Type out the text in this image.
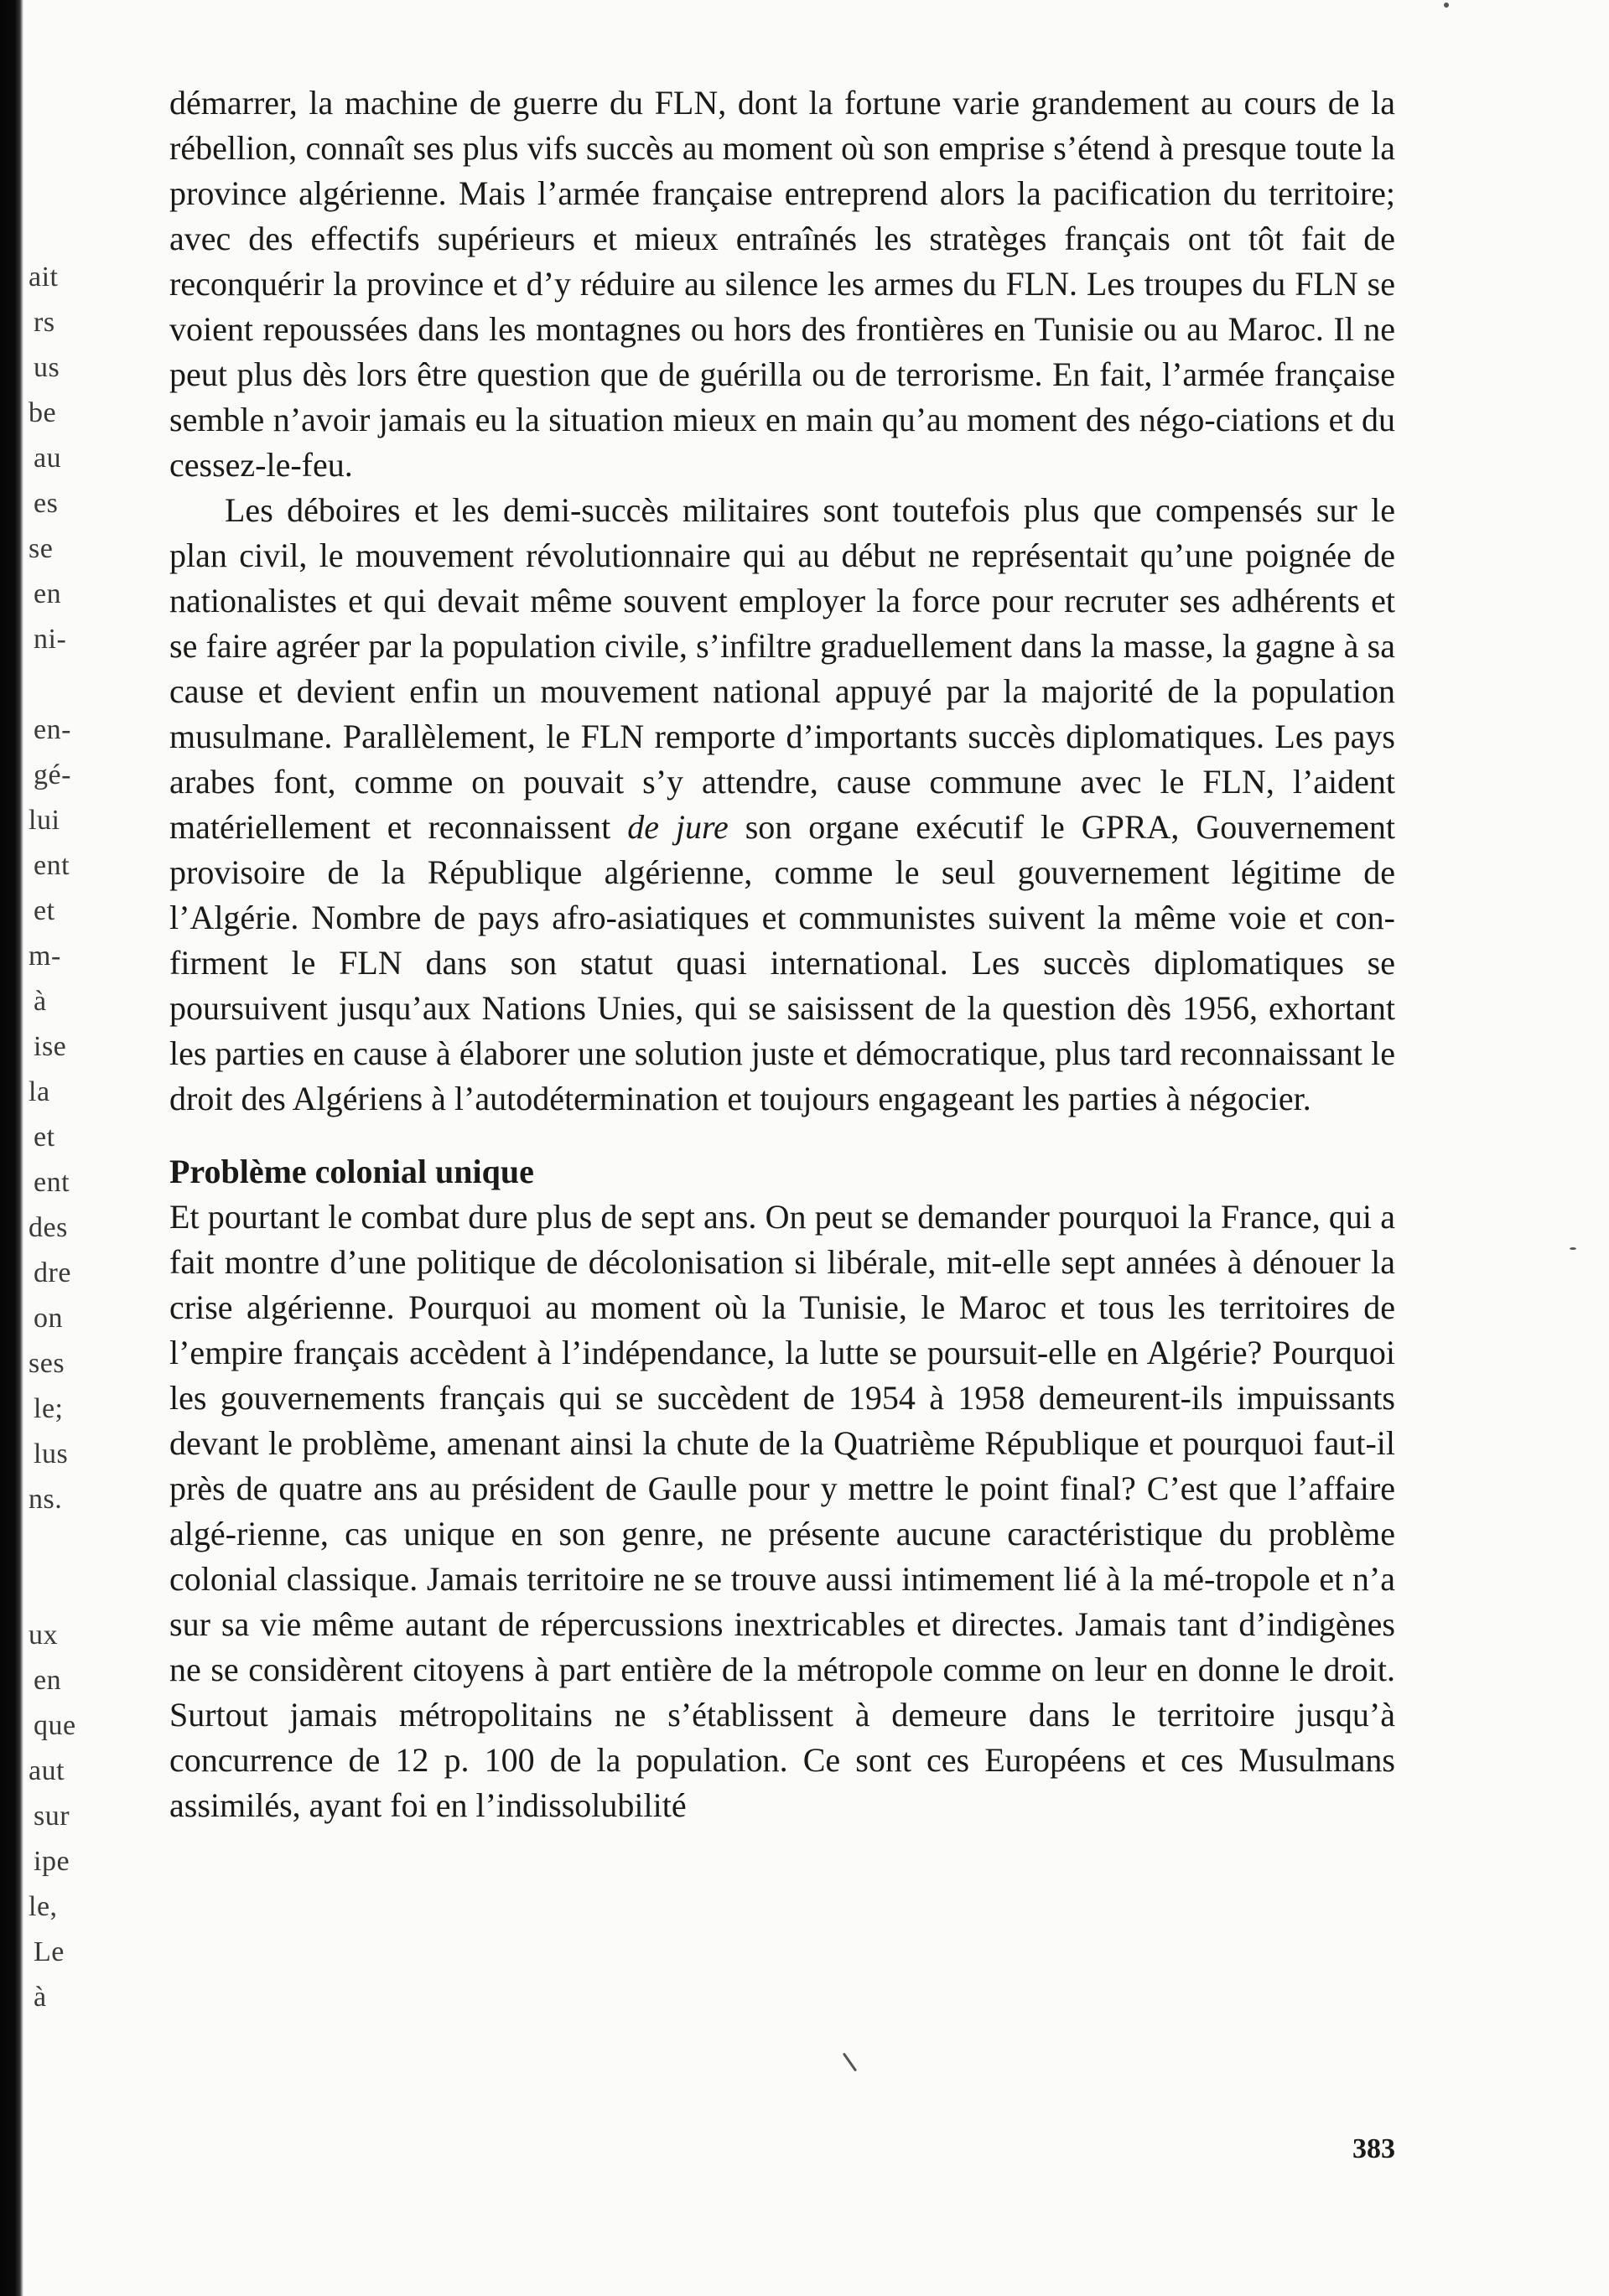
ait
rs
us
be
au
es
se
en
ni-
en-
gé-
lui
ent
et
m-
à
ise
la
et
ent
des
dre
on
ses
le;
lus
ns.
ux
en
que
aut
sur
ipe
le,
Le
à

démarrer, la machine de guerre du FLN, dont la fortune varie grandement au cours de la rébellion, connaît ses plus vifs succès au moment où son emprise s’étend à presque toute la province algérienne. Mais l’armée française entreprend alors la pacification du territoire; avec des effectifs supérieurs et mieux entraînés les stratèges français ont tôt fait de reconquérir la province et d’y réduire au silence les armes du FLN. Les troupes du FLN se voient repoussées dans les montagnes ou hors des frontières en Tunisie ou au Maroc. Il ne peut plus dès lors être question que de guérilla ou de terrorisme. En fait, l’armée française semble n’avoir jamais eu la situation mieux en main qu’au moment des négo-ciations et du cessez-le-feu.

Les déboires et les demi-succès militaires sont toutefois plus que compensés sur le plan civil, le mouvement révolutionnaire qui au début ne représentait qu’une poignée de nationalistes et qui devait même souvent employer la force pour recruter ses adhérents et se faire agréer par la population civile, s’infiltre graduellement dans la masse, la gagne à sa cause et devient enfin un mouvement national appuyé par la majorité de la population musulmane. Parallèlement, le FLN remporte d’importants succès diplomatiques. Les pays arabes font, comme on pouvait s’y attendre, cause commune avec le FLN, l’aident matériellement et reconnaissent de jure son organe exécutif le GPRA, Gouvernement provisoire de la République algérienne, comme le seul gouvernement légitime de l’Algérie. Nombre de pays afro-asiatiques et communistes suivent la même voie et con-firment le FLN dans son statut quasi international. Les succès diplomatiques se poursuivent jusqu’aux Nations Unies, qui se saisissent de la question dès 1956, exhortant les parties en cause à élaborer une solution juste et démocratique, plus tard reconnaissant le droit des Algériens à l’autodétermination et toujours engageant les parties à négocier.

Problème colonial unique

Et pourtant le combat dure plus de sept ans. On peut se demander pourquoi la France, qui a fait montre d’une politique de décolonisation si libérale, mit-elle sept années à dénouer la crise algérienne. Pourquoi au moment où la Tunisie, le Maroc et tous les territoires de l’empire français accèdent à l’indépendance, la lutte se poursuit-elle en Algérie? Pourquoi les gouvernements français qui se succèdent de 1954 à 1958 demeurent-ils impuissants devant le problème, amenant ainsi la chute de la Quatrième République et pourquoi faut-il près de quatre ans au président de Gaulle pour y mettre le point final? C’est que l’affaire algé-rienne, cas unique en son genre, ne présente aucune caractéristique du problème colonial classique. Jamais territoire ne se trouve aussi intimement lié à la mé-tropole et n’a sur sa vie même autant de répercussions inextricables et directes. Jamais tant d’indigènes ne se considèrent citoyens à part entière de la métropole comme on leur en donne le droit. Surtout jamais métropolitains ne s’établissent à demeure dans le territoire jusqu’à concurrence de 12 p. 100 de la population. Ce sont ces Européens et ces Musulmans assimilés, ayant foi en l’indissolubilité

383
